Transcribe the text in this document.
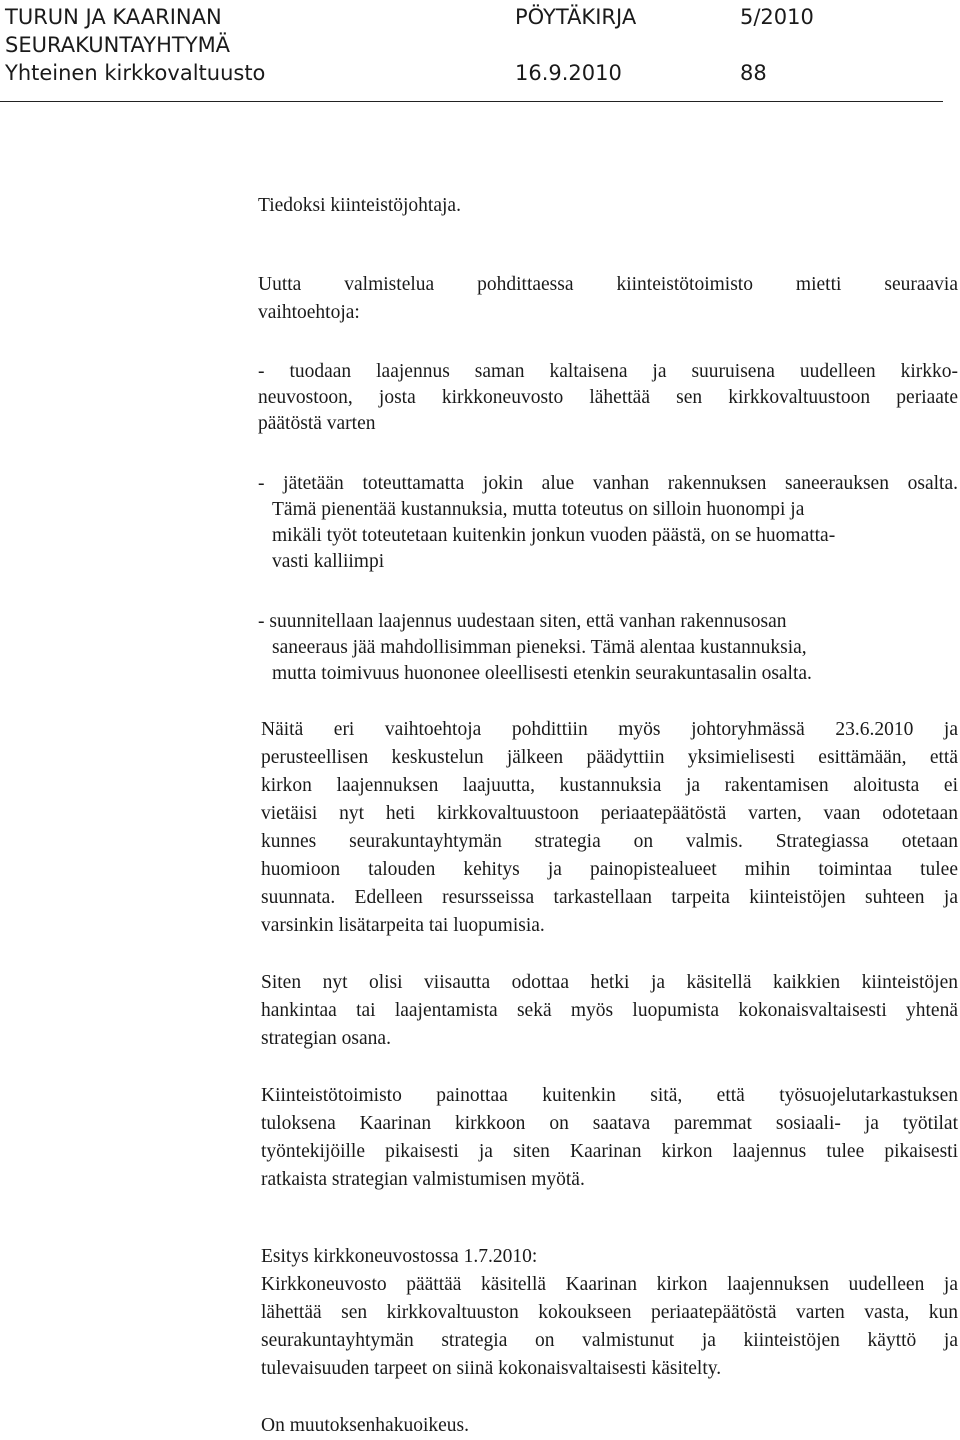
TURUN JA KAARINAN
SEURAKUNTAYHTYMÄ
Yhteinen kirkkovaltuusto
PÖYTÄKIRJA
16.9.2010
5/2010
88
Tiedoksi kiinteistöjohtaja.
Uutta valmistelua pohdittaessa kiinteistötoimisto mietti seuraavia
vaihtoehtoja:
- tuodaan laajennus saman kaltaisena ja suuruisena uudelleen kirkko-
neuvostoon, josta kirkkoneuvosto lähettää sen kirkkovaltuustoon periaate
päätöstä varten
- jätetään toteuttamatta jokin alue vanhan rakennuksen saneerauksen osalta.
Tämä pienentää kustannuksia, mutta toteutus on silloin huonompi ja
mikäli työt toteutetaan kuitenkin jonkun vuoden päästä, on se huomatta-
vasti kalliimpi
- suunnitellaan laajennus uudestaan siten, että vanhan rakennusosan
saneeraus jää mahdollisimman pieneksi. Tämä alentaa kustannuksia,
mutta toimivuus huononee oleellisesti etenkin seurakuntasalin osalta.
Näitä eri vaihtoehtoja pohdittiin myös johtoryhmässä 23.6.2010 ja
perusteellisen keskustelun jälkeen päädyttiin yksimielisesti esittämään, että
kirkon laajennuksen laajuutta, kustannuksia ja rakentamisen aloitusta ei
vietäisi nyt heti kirkkovaltuustoon periaatepäätöstä varten, vaan odotetaan
kunnes seurakuntayhtymän strategia on valmis. Strategiassa otetaan
huomioon talouden kehitys ja painopistealueet mihin toimintaa tulee
suunnata. Edelleen resursseissa tarkastellaan tarpeita kiinteistöjen suhteen ja
varsinkin lisätarpeita tai luopumisia.
Siten nyt olisi viisautta odottaa hetki ja käsitellä kaikkien kiinteistöjen
hankintaa tai laajentamista sekä myös luopumista kokonaisvaltaisesti yhtenä
strategian osana.
Kiinteistötoimisto painottaa kuitenkin sitä, että työsuojelutarkastuksen
tuloksena Kaarinan kirkkoon on saatava paremmat sosiaali- ja työtilat
työntekijöille pikaisesti ja siten Kaarinan kirkon laajennus tulee pikaisesti
ratkaista strategian valmistumisen myötä.
Esitys kirkkoneuvostossa 1.7.2010:
Kirkkoneuvosto päättää käsitellä Kaarinan kirkon laajennuksen uudelleen ja
lähettää sen kirkkovaltuuston kokoukseen periaatepäätöstä varten vasta, kun
seurakuntayhtymän strategia on valmistunut ja kiinteistöjen käyttö ja
tulevaisuuden tarpeet on siinä kokonaisvaltaisesti käsitelty.
On muutoksenhakuoikeus.
